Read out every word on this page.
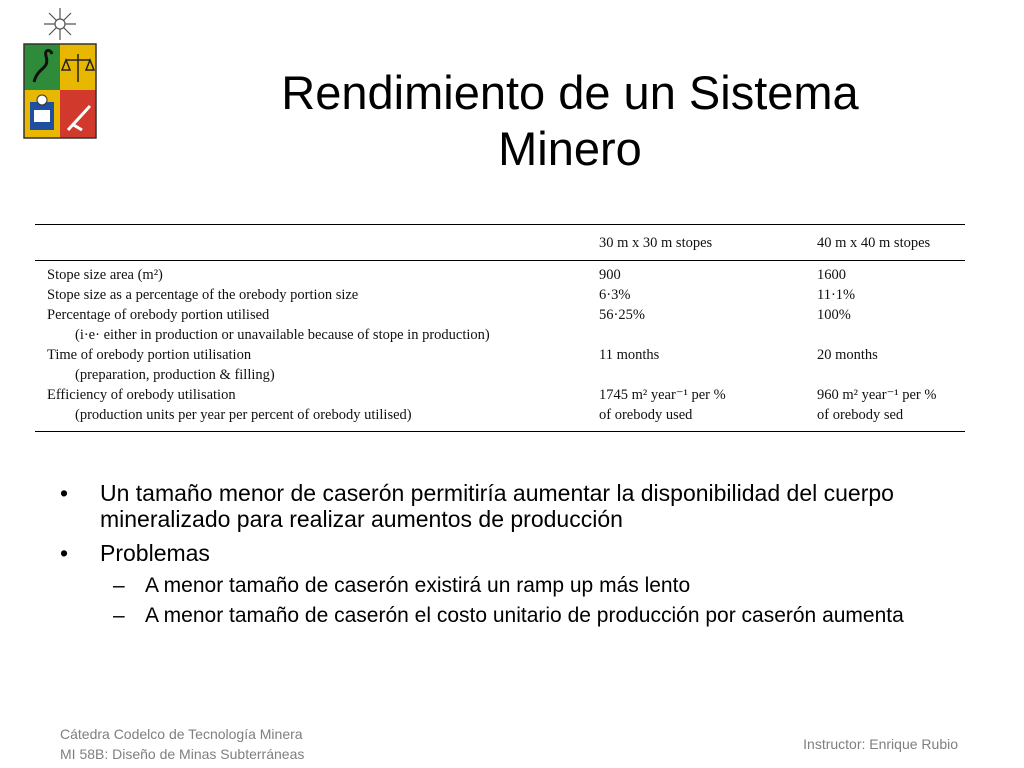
Rendimiento de un Sistema
Minero
	30 m x 30 m stopes	40 m x 40 m stopes
Stope size area (m²)	900	1600
Stope size as a percentage of the orebody portion size	6·3%	11·1%
Percentage of orebody portion utilised	56·25%	100%
(i·e· either in production or unavailable because of stope in production)		
Time of orebody portion utilisation	11 months	20 months
(preparation, production & filling)		
Efficiency of orebody utilisation	1745 m² year⁻¹ per %	960 m² year⁻¹ per %
(production units per year per percent of orebody utilised)	of orebody used	of orebody sed
• Un tamaño menor de caserón permitiría aumentar la disponibilidad del cuerpo mineralizado para realizar aumentos de producción
• Problemas
– A menor tamaño de caserón existirá un ramp up más lento
– A menor tamaño de caserón el costo unitario de producción por caserón aumenta
Cátedra Codelco de Tecnología Minera
MI 58B: Diseño de Minas Subterráneas
Instructor: Enrique Rubio
